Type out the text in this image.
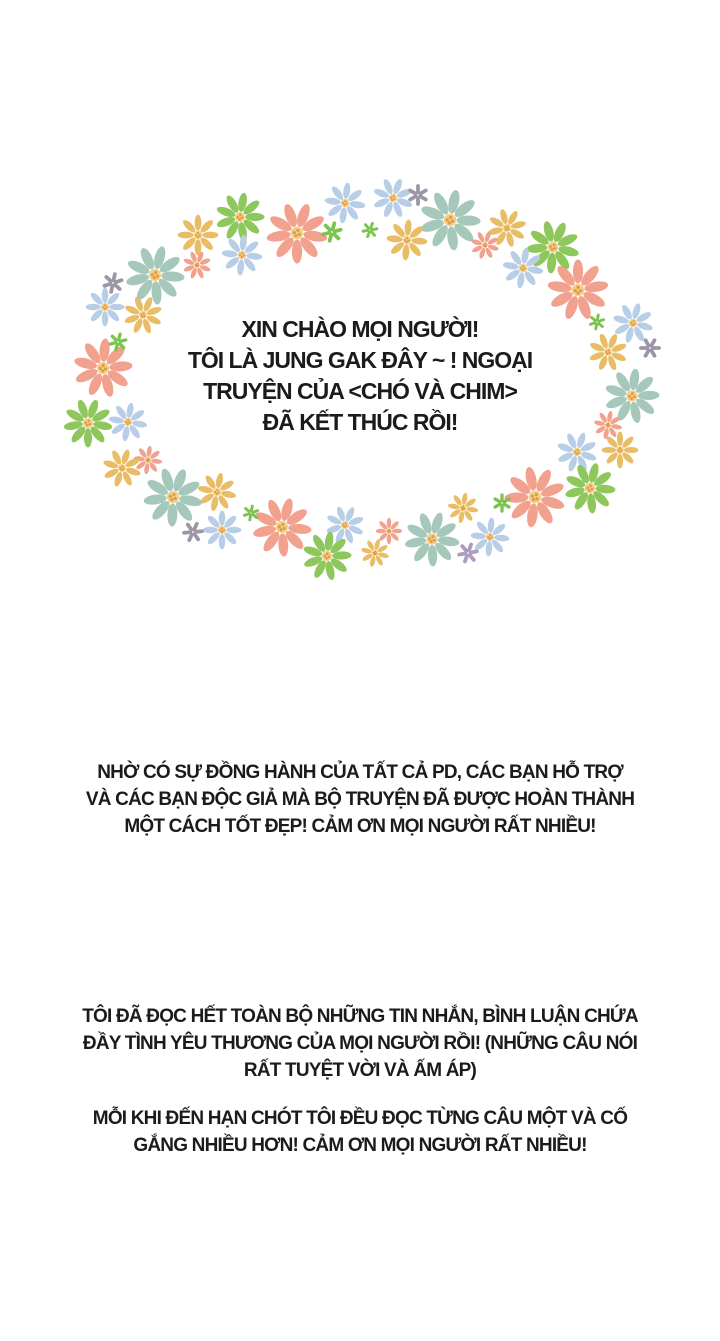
XIN CHÀO MỌI NGƯỜI!
TÔI LÀ JUNG GAK ĐÂY ~ ! NGOẠI
TRUYỆN CỦA <CHÓ VÀ CHIM>
ĐÃ KẾT THÚC RỒI!
NHỜ CÓ SỰ ĐỒNG HÀNH CỦA TẤT CẢ PD, CÁC BẠN HỖ TRỢ
VÀ CÁC BẠN ĐỘC GIẢ MÀ BỘ TRUYỆN ĐÃ ĐƯỢC HOÀN THÀNH
MỘT CÁCH TỐT ĐẸP! CẢM ƠN MỌI NGƯỜI RẤT NHIỀU!
TÔI ĐÃ ĐỌC HẾT TOÀN BỘ NHỮNG TIN NHẮN, BÌNH LUẬN CHỨA
ĐẦY TÌNH YÊU THƯƠNG CỦA MỌI NGƯỜI RỒI! (NHỮNG CÂU NÓI
RẤT TUYỆT VỜI VÀ ẤM ÁP)
MỖI KHI ĐẾN HẠN CHÓT TÔI ĐỀU ĐỌC TỪNG CÂU MỘT VÀ CỐ
GẮNG NHIỀU HƠN! CẢM ƠN MỌI NGƯỜI RẤT NHIỀU!
